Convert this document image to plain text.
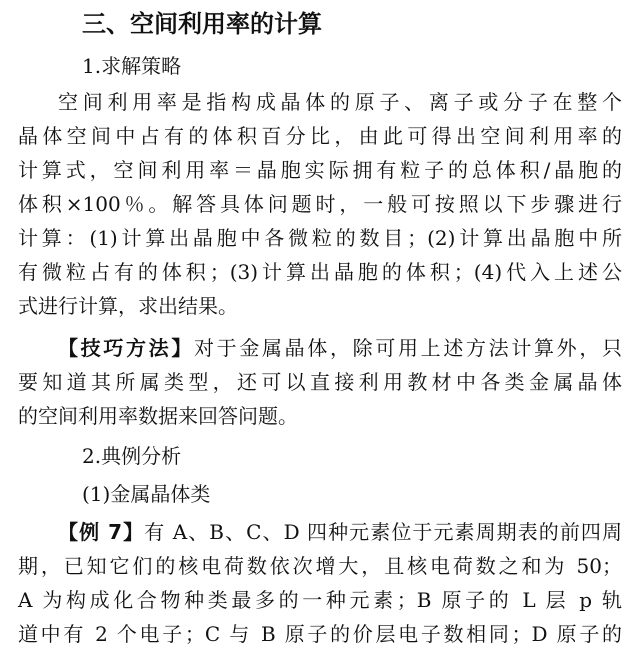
三、空间利用率的计算
1.求解策略
空间利用率是指构成晶体的原子、离子或分子在整个
晶体空间中占有的体积百分比，由此可得出空间利用率的
计算式，空间利用率＝晶胞实际拥有粒子的总体积/晶胞的
体积×100％。解答具体问题时，一般可按照以下步骤进行
计算：(1)计算出晶胞中各微粒的数目；(2)计算出晶胞中所
有微粒占有的体积；(3)计算出晶胞的体积；(4)代入上述公
式进行计算，求出结果。
【技巧方法】对于金属晶体，除可用上述方法计算外，只
要知道其所属类型，还可以直接利用教材中各类金属晶体
的空间利用率数据来回答问题。
2.典例分析
(1)金属晶体类
【例 7】有 A、B、C、D 四种元素位于元素周期表的前四周
期，已知它们的核电荷数依次增大，且核电荷数之和为 50；
A 为构成化合物种类最多的一种元素；B 原子的 L 层 p 轨
道中有 2 个电子；C 与 B 原子的价层电子数相同；D 原子的
